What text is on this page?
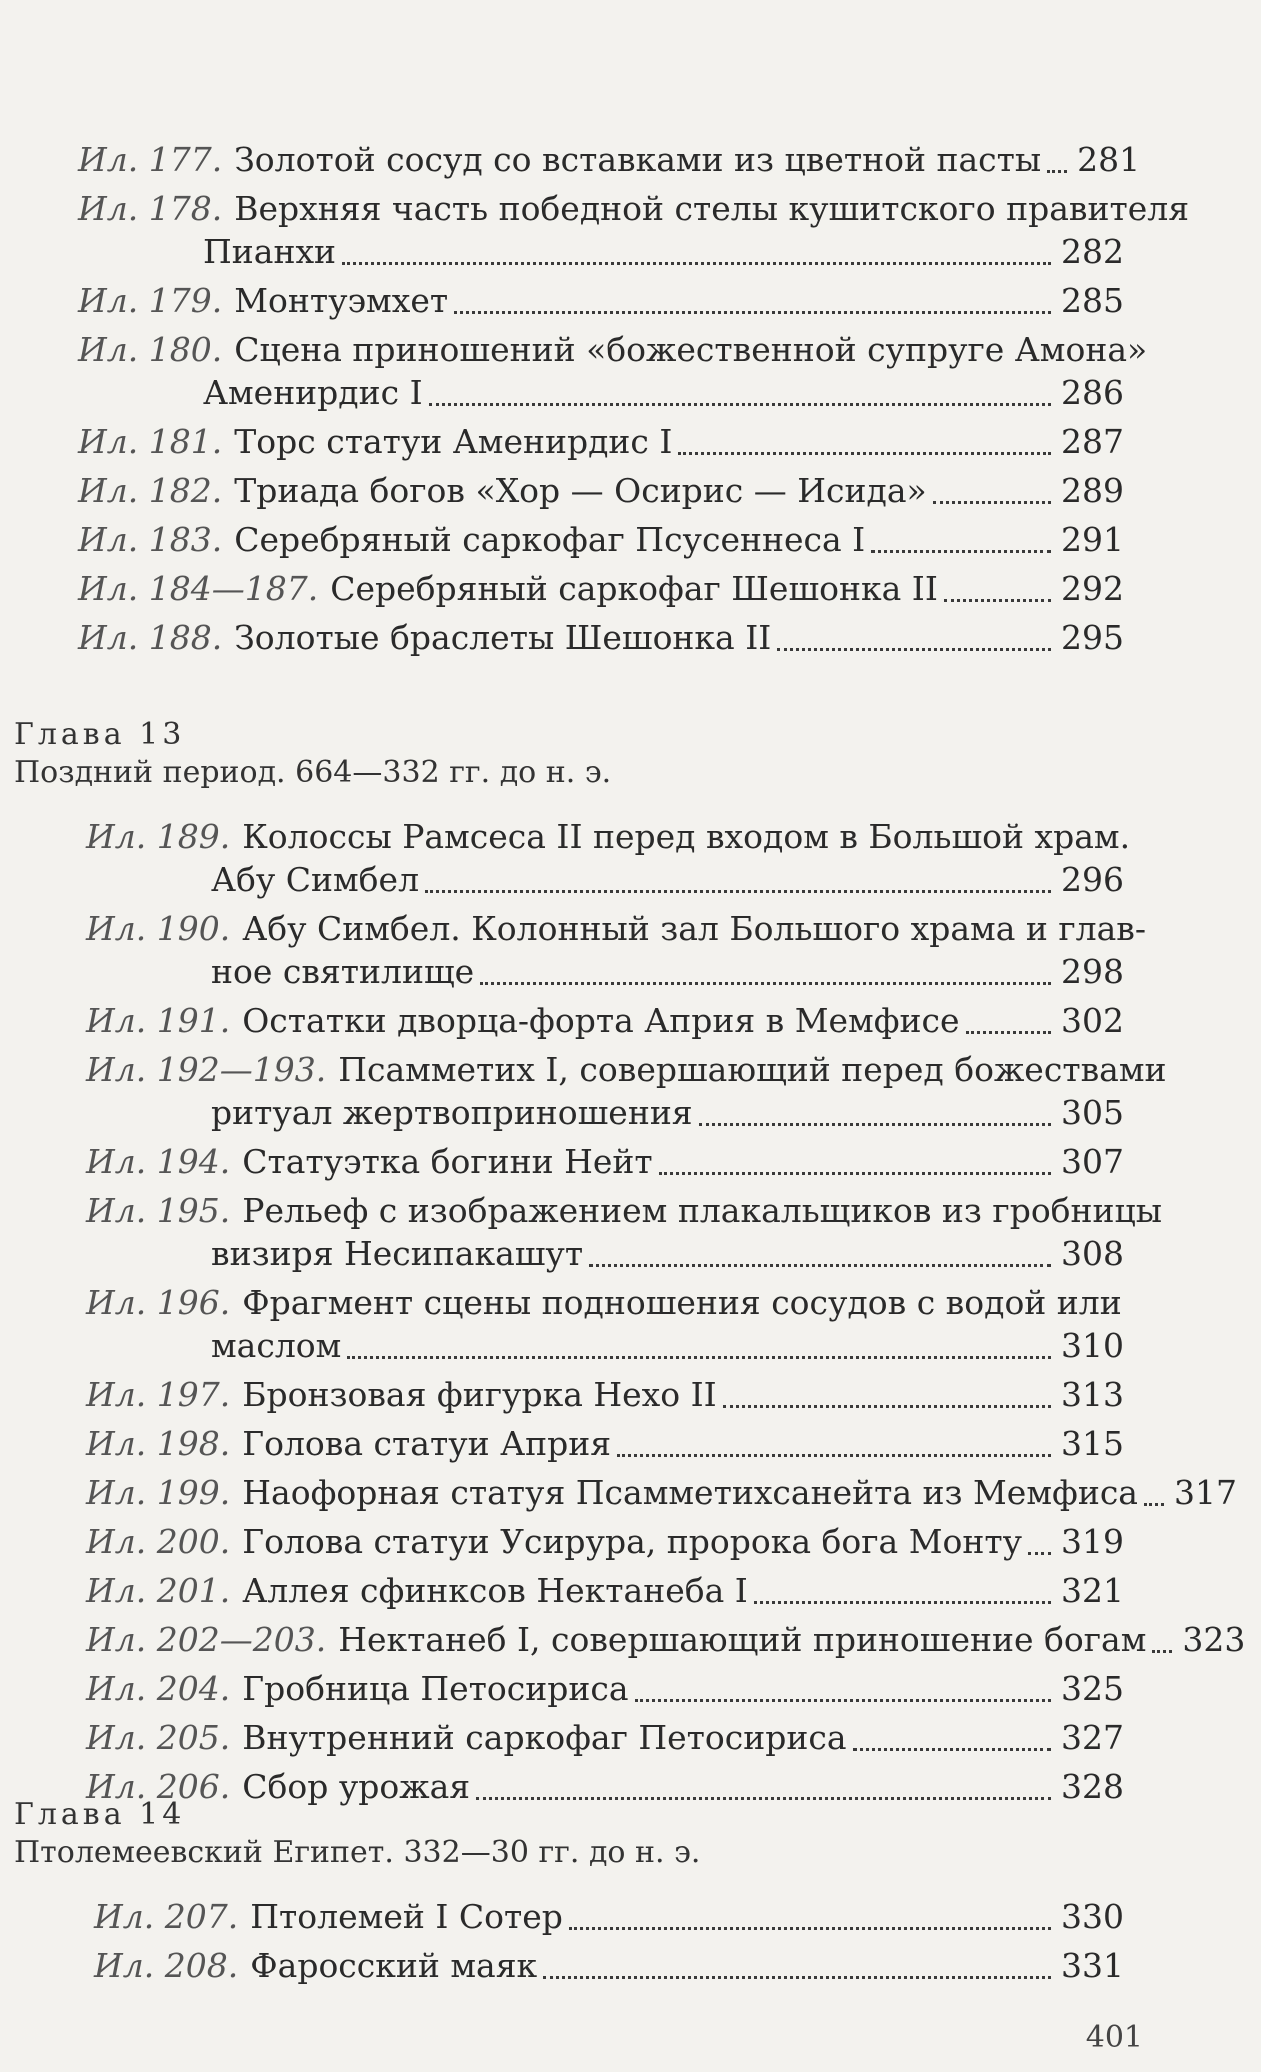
Ил. 177. Золотой сосуд со вставками из цветной пасты 281
Ил. 178. Верхняя часть победной стелы кушитского правителя
Пианхи	282
Ил. 179. Монтуэмхет	285
Ил. 180. Сцена приношений «божественной супруге Амона»
Аменирдис I	286
Ил. 181. Торс статуи Аменирдис I	287
Ил. 182. Триада богов «Хор — Осирис — Исида»	289
Ил. 183. Серебряный саркофаг Псусеннеса I	291
Ил. 184—187. Серебряный саркофаг Шешонка II	292
Ил. 188. Золотые браслеты Шешонка II	295
Глава 13
Поздний период. 664—332 гг. до н. э.
Ил. 189. Колоссы Рамсеса II перед входом в Большой храм.
Абу Симбел	296
Ил. 190. Абу Симбел. Колонный зал Большого храма и глав-
ное святилище	298
Ил. 191. Остатки дворца-форта Априя в Мемфисе	302
Ил. 192—193. Псамметих I, совершающий перед божествами
ритуал жертвоприношения	305
Ил. 194. Статуэтка богини Нейт	307
Ил. 195. Рельеф с изображением плакальщиков из гробницы
визиря Несипакашут	308
Ил. 196. Фрагмент сцены подношения сосудов с водой или
маслом	310
Ил. 197. Бронзовая фигурка Нехо II	313
Ил. 198. Голова статуи Априя	315
Ил. 199. Наофорная статуя Псамметихсанейта из Мемфиса 317
Ил. 200. Голова статуи Усирура, пророка бога Монту 319
Ил. 201. Аллея сфинксов Нектанеба I	321
Ил. 202—203. Нектанеб I, совершающий приношение богам 323
Ил. 204. Гробница Петосириса	325
Ил. 205. Внутренний саркофаг Петосириса	327
Ил. 206. Сбор урожая	328
Глава 14
Птолемеевский Египет. 332—30 гг. до н. э.
Ил. 207. Птолемей I Сотер	330
Ил. 208. Фаросский маяк	331
401
